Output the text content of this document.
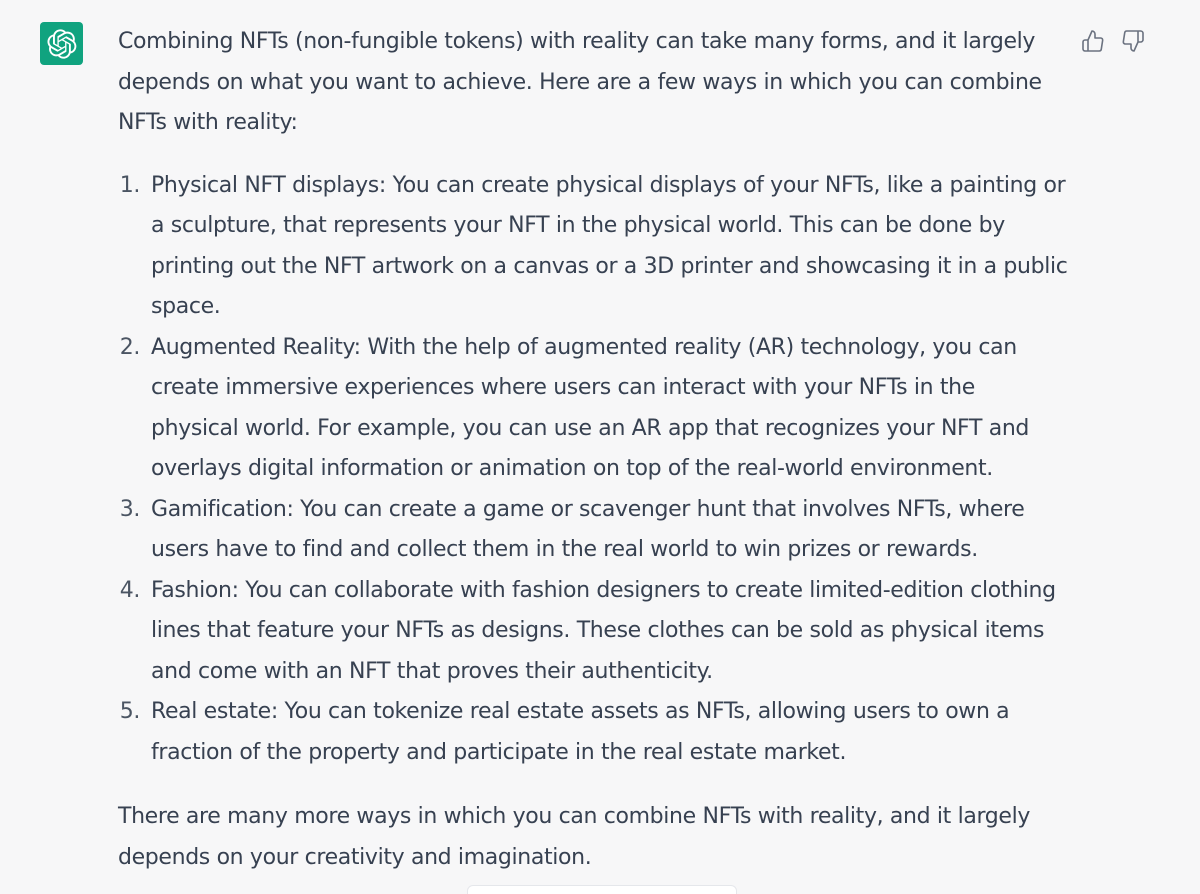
Combining NFTs (non-fungible tokens) with reality can take many forms, and it largely depends on what you want to achieve. Here are a few ways in which you can combine NFTs with reality:

1. Physical NFT displays: You can create physical displays of your NFTs, like a painting or a sculpture, that represents your NFT in the physical world. This can be done by printing out the NFT artwork on a canvas or a 3D printer and showcasing it in a public space.
2. Augmented Reality: With the help of augmented reality (AR) technology, you can create immersive experiences where users can interact with your NFTs in the physical world. For example, you can use an AR app that recognizes your NFT and overlays digital information or animation on top of the real-world environment.
3. Gamification: You can create a game or scavenger hunt that involves NFTs, where users have to find and collect them in the real world to win prizes or rewards.
4. Fashion: You can collaborate with fashion designers to create limited-edition clothing lines that feature your NFTs as designs. These clothes can be sold as physical items and come with an NFT that proves their authenticity.
5. Real estate: You can tokenize real estate assets as NFTs, allowing users to own a fraction of the property and participate in the real estate market.

There are many more ways in which you can combine NFTs with reality, and it largely depends on your creativity and imagination.
